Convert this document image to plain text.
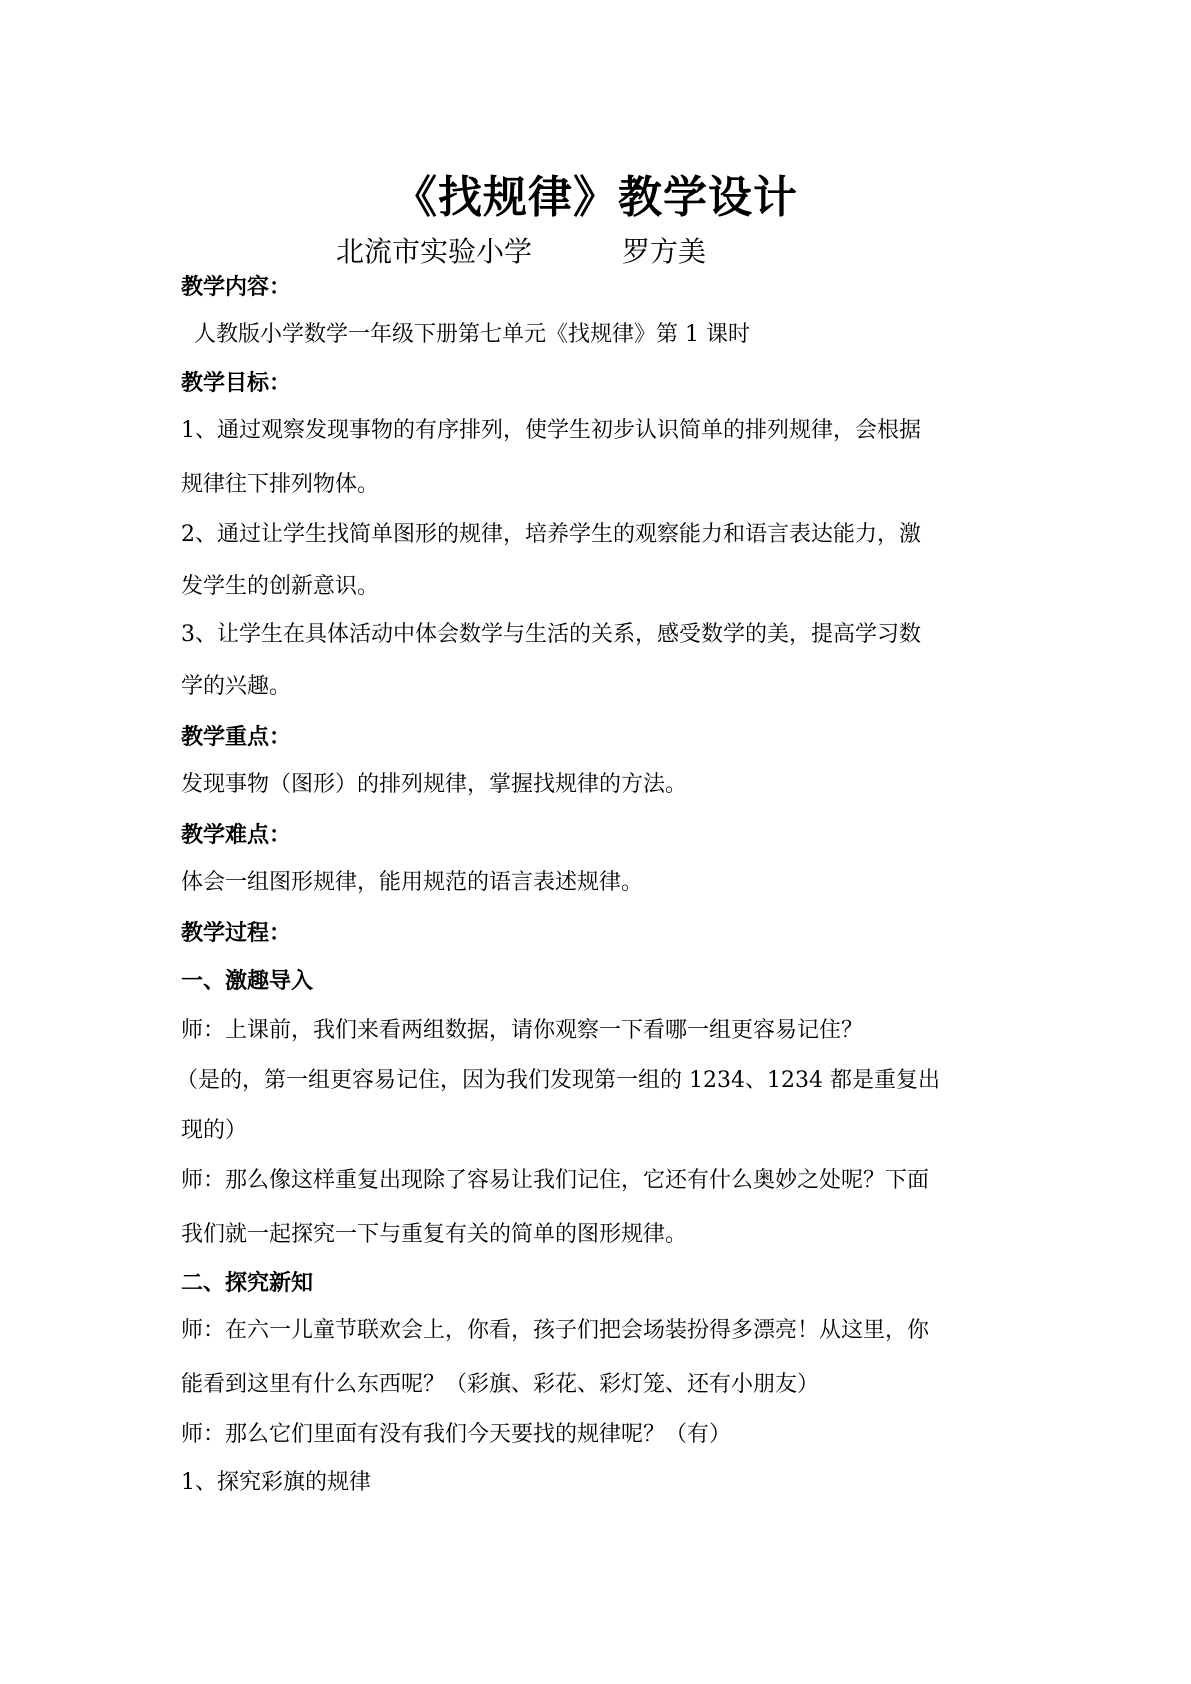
《找规律》教学设计
北流市实验小学	罗方美
教学内容：
人教版小学数学一年级下册第七单元《找规律》第 1 课时
教学目标：
1、通过观察发现事物的有序排列，使学生初步认识简单的排列规律，会根据
规律往下排列物体。
2、通过让学生找简单图形的规律，培养学生的观察能力和语言表达能力，激
发学生的创新意识。
3、让学生在具体活动中体会数学与生活的关系，感受数学的美，提高学习数
学的兴趣。
教学重点：
发现事物（图形）的排列规律，掌握找规律的方法。
教学难点：
体会一组图形规律，能用规范的语言表述规律。
教学过程：
一、激趣导入
师：上课前，我们来看两组数据，请你观察一下看哪一组更容易记住？
（是的，第一组更容易记住，因为我们发现第一组的 1234、1234 都是重复出
现的）
师：那么像这样重复出现除了容易让我们记住，它还有什么奥妙之处呢？下面
我们就一起探究一下与重复有关的简单的图形规律。
二、探究新知
师：在六一儿童节联欢会上，你看，孩子们把会场装扮得多漂亮！从这里，你
能看到这里有什么东西呢？（彩旗、彩花、彩灯笼、还有小朋友）
师：那么它们里面有没有我们今天要找的规律呢？（有）
1、探究彩旗的规律
